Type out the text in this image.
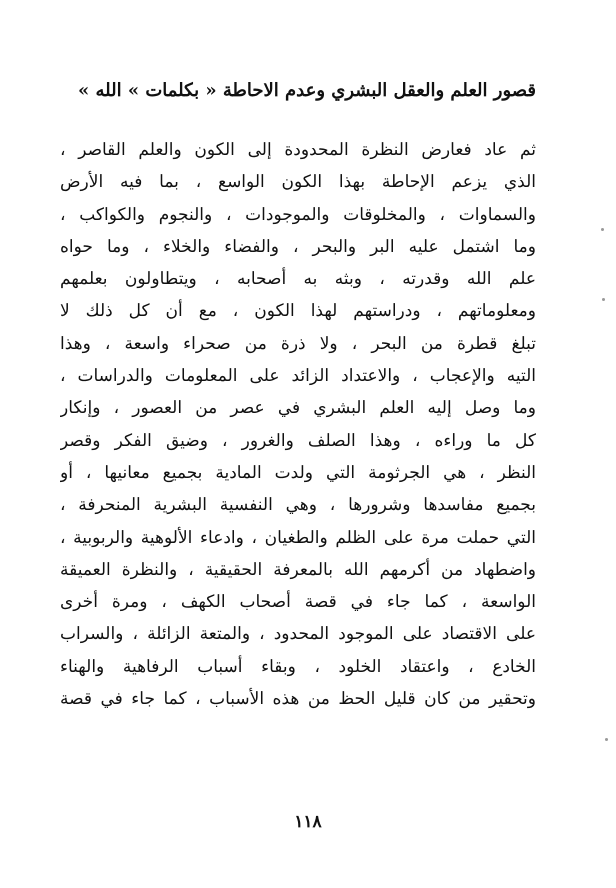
قصور العلم والعقل البشري وعدم الاحاطة « بكلمات » الله »
ثم عاد فعارض النظرة المحدودة إلى الكون والعلم القاصر ،
الذي يزعم الإحاطة بهذا الكون الواسع ، بما فيه الأرض
والسماوات ، والمخلوقات والموجودات ، والنجوم والكواكب ،
وما اشتمل عليه البر والبحر ، والفضاء والخلاء ، وما حواه
علم الله وقدرته ، وبثه به أصحابه ، ويتطاولون بعلمهم
ومعلوماتهم ، ودراستهم لهذا الكون ، مع أن كل ذلك لا
تبلغ قطرة من البحر ، ولا ذرة من صحراء واسعة ، وهذا
التيه والإعجاب ، والاعتداد الزائد على المعلومات والدراسات ،
وما وصل إليه العلم البشري في عصر من العصور ، وإنكار
كل ما وراءه ، وهذا الصلف والغرور ، وضيق الفكر وقصر
النظر ، هي الجرثومة التي ولدت المادية بجميع معانيها ، أو
بجميع مفاسدها وشرورها ، وهي النفسية البشرية المنحرفة ،
التي حملت مرة على الظلم والطغيان ، وادعاء الألوهية والربوبية ،
واضطهاد من أكرمهم الله بالمعرفة الحقيقية ، والنظرة العميقة
الواسعة ، كما جاء في قصة أصحاب الكهف ، ومرة أخرى
على الاقتصاد على الموجود المحدود ، والمتعة الزائلة ، والسراب
الخادع ، واعتقاد الخلود ، وبقاء أسباب الرفاهية والهناء
وتحقير من كان قليل الحظ من هذه الأسباب ، كما جاء في قصة
١١٨
